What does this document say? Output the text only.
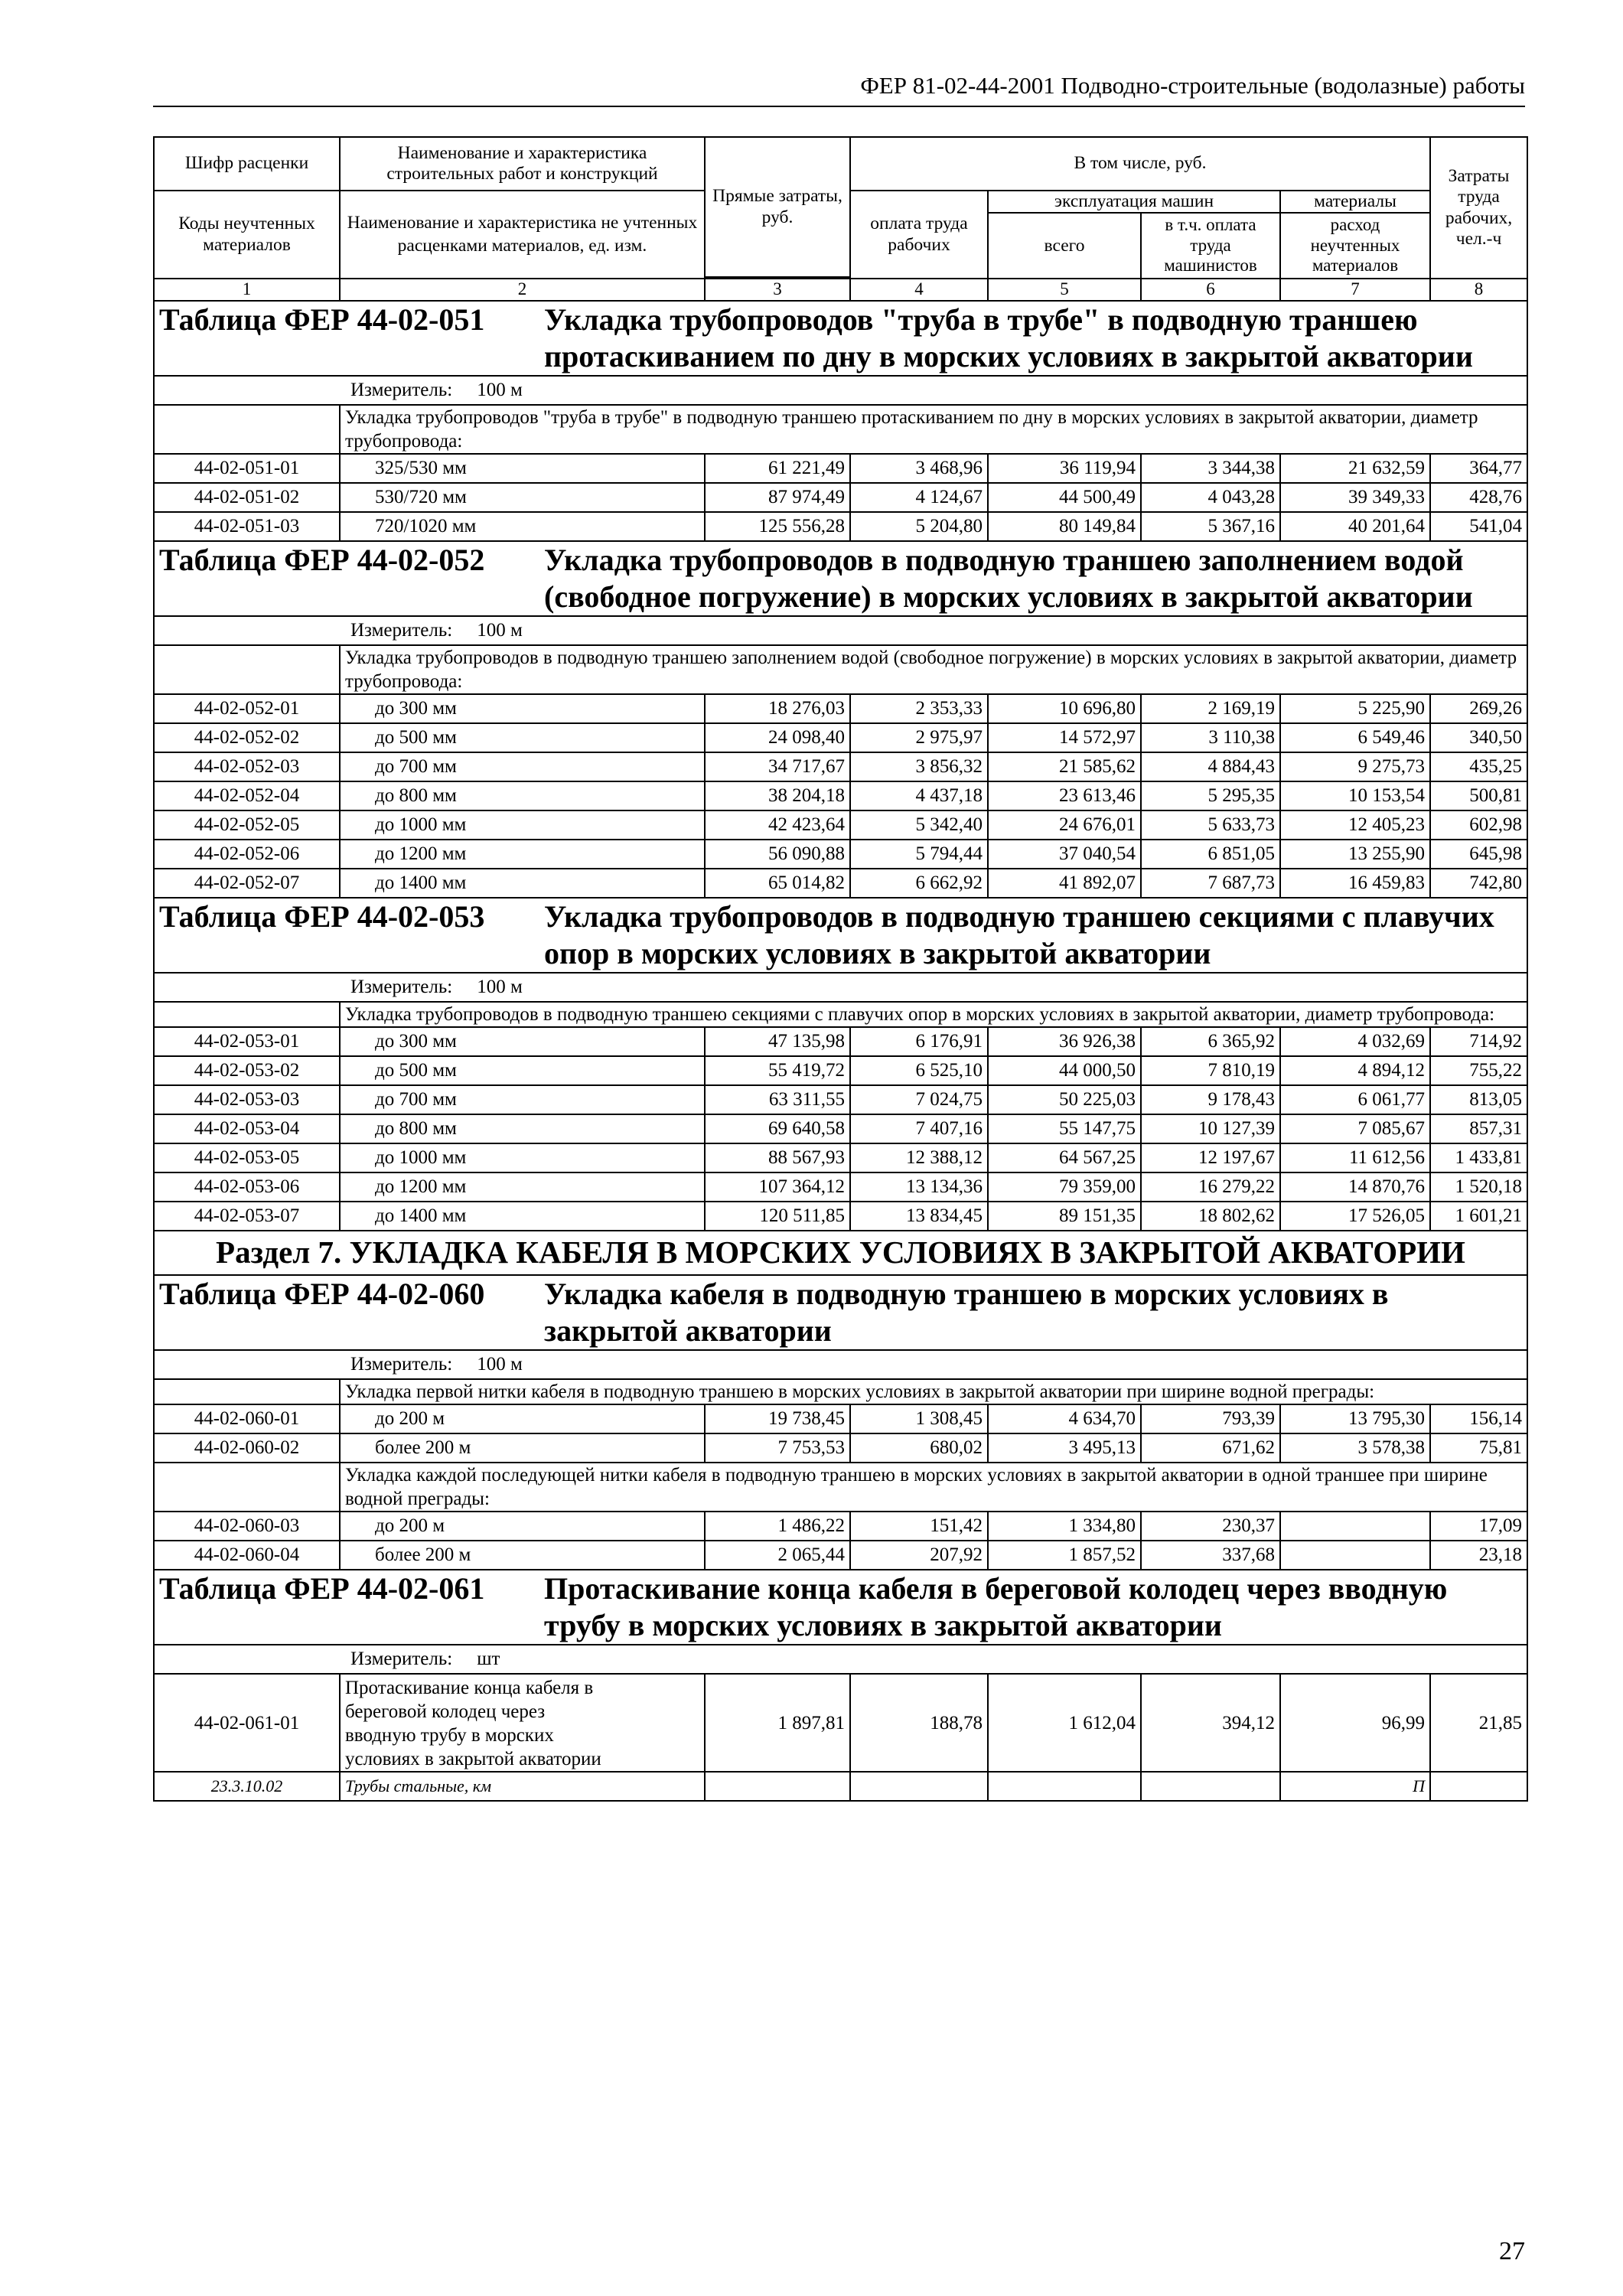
ФЕР 81-02-44-2001 Подводно-строительные (водолазные) работы
Шифр расценки	Наименование и характеристика строительных работ и конструкций	Прямые затраты, руб.	В том числе, руб.				Затраты труда рабочих, чел.-ч
Коды неучтенных материалов	Наименование и характеристика не учтенных расценками материалов, ед. изм.						
			оплата труда рабочих	эксплуатация машин		материалы	
				всего	в т.ч. оплата труда машинистов	расход неучтенных материалов	

1	2	3	4	5	6	7	8

Таблица ФЕР 44-02-051 Укладка трубопроводов "труба в трубе" в подводную траншею протаскиванием по дну в морских условиях в закрытой акватории							

Измеритель: 100 м							

	Укладка трубопроводов "труба в трубе" в подводную траншею протаскиванием по дну в морских условиях в закрытой акватории, диаметр трубопровода:						
44-02-051-01	325/530 мм	61 221,49	3 468,96	36 119,94	3 344,38	21 632,59	364,77
44-02-051-02	530/720 мм	87 974,49	4 124,67	44 500,49	4 043,28	39 349,33	428,76
44-02-051-03	720/1020 мм	125 556,28	5 204,80	80 149,84	5 367,16	40 201,64	541,04

Таблица ФЕР 44-02-052 Укладка трубопроводов в подводную траншею заполнением водой (свободное погружение) в морских условиях в закрытой акватории							

Измеритель: 100 м							

	Укладка трубопроводов в подводную траншею заполнением водой (свободное погружение) в морских условиях в закрытой акватории, диаметр трубопровода:						
44-02-052-01	до 300 мм	18 276,03	2 353,33	10 696,80	2 169,19	5 225,90	269,26
44-02-052-02	до 500 мм	24 098,40	2 975,97	14 572,97	3 110,38	6 549,46	340,50
44-02-052-03	до 700 мм	34 717,67	3 856,32	21 585,62	4 884,43	9 275,73	435,25
44-02-052-04	до 800 мм	38 204,18	4 437,18	23 613,46	5 295,35	10 153,54	500,81
44-02-052-05	до 1000 мм	42 423,64	5 342,40	24 676,01	5 633,73	12 405,23	602,98
44-02-052-06	до 1200 мм	56 090,88	5 794,44	37 040,54	6 851,05	13 255,90	645,98
44-02-052-07	до 1400 мм	65 014,82	6 662,92	41 892,07	7 687,73	16 459,83	742,80

Таблица ФЕР 44-02-053 Укладка трубопроводов в подводную траншею секциями с плавучих опор в морских условиях в закрытой акватории							

Измеритель: 100 м							

	Укладка трубопроводов в подводную траншею секциями с плавучих опор в морских условиях в закрытой акватории, диаметр трубопровода:						
44-02-053-01	до 300 мм	47 135,98	6 176,91	36 926,38	6 365,92	4 032,69	714,92
44-02-053-02	до 500 мм	55 419,72	6 525,10	44 000,50	7 810,19	4 894,12	755,22
44-02-053-03	до 700 мм	63 311,55	7 024,75	50 225,03	9 178,43	6 061,77	813,05
44-02-053-04	до 800 мм	69 640,58	7 407,16	55 147,75	10 127,39	7 085,67	857,31
44-02-053-05	до 1000 мм	88 567,93	12 388,12	64 567,25	12 197,67	11 612,56	1 433,81
44-02-053-06	до 1200 мм	107 364,12	13 134,36	79 359,00	16 279,22	14 870,76	1 520,18
44-02-053-07	до 1400 мм	120 511,85	13 834,45	89 151,35	18 802,62	17 526,05	1 601,21
Раздел 7. УКЛАДКА КАБЕЛЯ В МОРСКИХ УСЛОВИЯХ В ЗАКРЫТОЙ АКВАТОРИИ							

Таблица ФЕР 44-02-060 Укладка кабеля в подводную траншею в морских условиях в закрытой акватории							

Измеритель: 100 м							

	Укладка первой нитки кабеля в подводную траншею в морских условиях в закрытой акватории при ширине водной преграды:						
44-02-060-01	до 200 м	19 738,45	1 308,45	4 634,70	793,39	13 795,30	156,14
44-02-060-02	более 200 м	7 753,53	680,02	3 495,13	671,62	3 578,38	75,81
	Укладка каждой последующей нитки кабеля в подводную траншею в морских условиях в закрытой акватории в одной траншее при ширине водной преграды:						
44-02-060-03	до 200 м	1 486,22	151,42	1 334,80	230,37		17,09
44-02-060-04	более 200 м	2 065,44	207,92	1 857,52	337,68		23,18

Таблица ФЕР 44-02-061 Протаскивание конца кабеля в береговой колодец через вводную трубу в морских условиях в закрытой акватории							

Измеритель: шт							

44-02-061-01	Протаскивание конца кабеля в
береговой колодец через
вводную трубу в морских
условиях в закрытой акватории	1 897,81	188,78	1 612,04	394,12	96,99	21,85
23.3.10.02	Трубы стальные, км					П	
27
